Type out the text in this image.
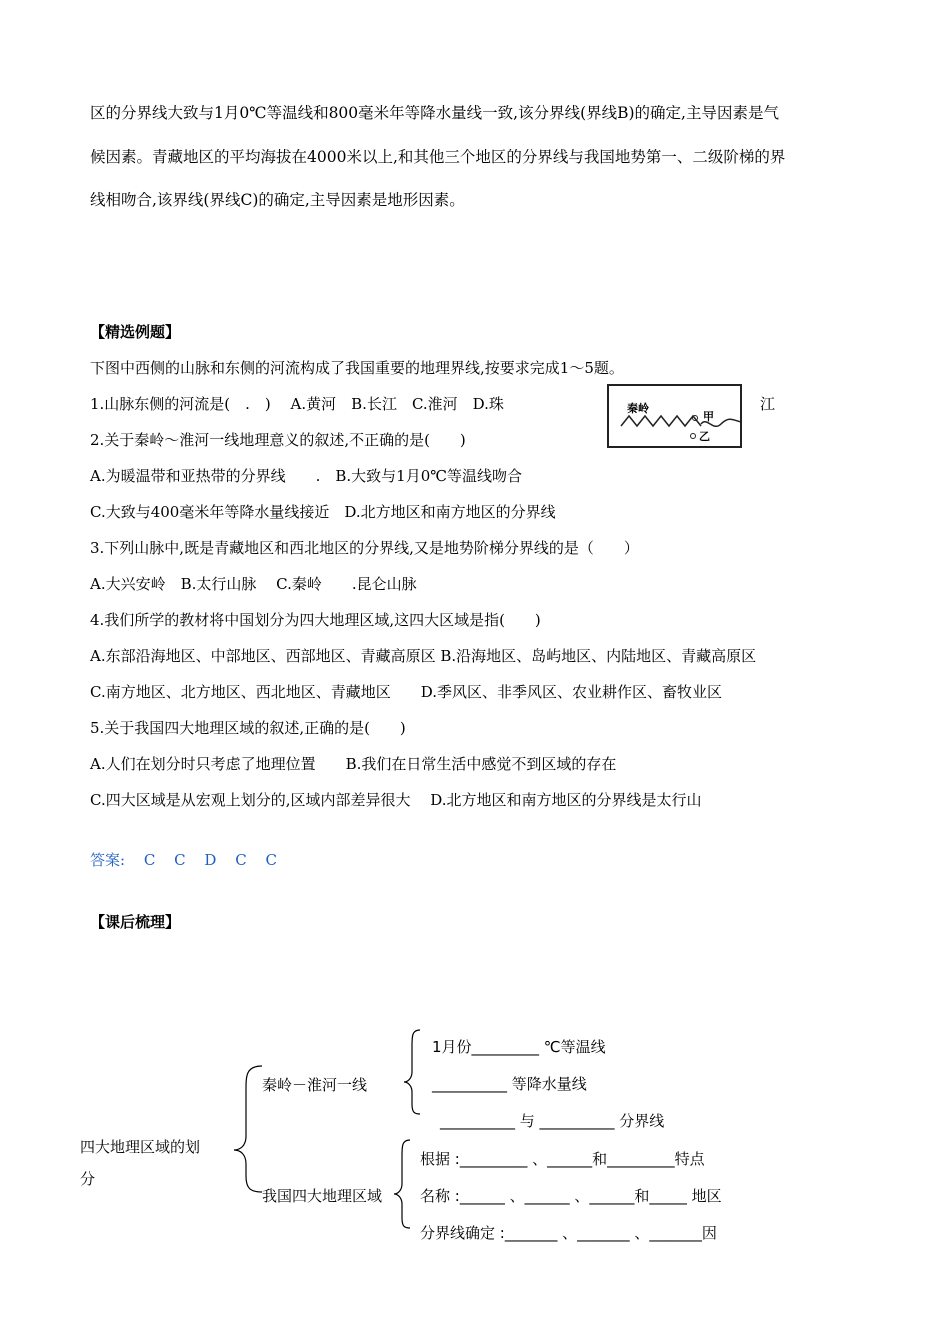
区的分界线大致与1月0℃等温线和800毫米年等降水量线一致,该分界线(界线B)的确定,主导因素是气
候因素。青藏地区的平均海拔在4000米以上,和其他三个地区的分界线与我国地势第一、二级阶梯的界
线相吻合,该界线(界线C)的确定,主导因素是地形因素。
【精选例题】
下图中西侧的山脉和东侧的河流构成了我国重要的地理界线,按要求完成1～5题。
1.山脉东侧的河流是(　.　)　 A.黄河　B.长江　C.淮河　D.珠	江
秦岭
甲
乙
2.关于秦岭～淮河一线地理意义的叙述,不正确的是(　　)
A.为暖温带和亚热带的分界线　　.　B.大致与1月0℃等温线吻合
C.大致与400毫米年等降水量线接近　D.北方地区和南方地区的分界线
3.下列山脉中,既是青藏地区和西北地区的分界线,又是地势阶梯分界线的是（　　）
A.大兴安岭　B.太行山脉　 C.秦岭　　.昆仑山脉
4.我们所学的教材将中国划分为四大地理区域,这四大区域是指(　　)
A.东部沿海地区、中部地区、西部地区、青藏高原区 B.沿海地区、岛屿地区、内陆地区、青藏高原区
C.南方地区、北方地区、西北地区、青藏地区　　D.季风区、非季风区、农业耕作区、畜牧业区
5.关于我国四大地理区域的叙述,正确的是(　　)
A.人们在划分时只考虑了地理位置　　B.我们在日常生活中感觉不到区域的存在
C.四大区域是从宏观上划分的,区域内部差异很大　 D.北方地区和南方地区的分界线是太行山
答案: C C D C C
【课后梳理】
四大地理区域的划
分
秦岭－淮河一线
1月份_________ ℃等温线
__________ 等降水量线
__________ 与 __________ 分界线
我国四大地理区域
根据 :_________ 、______和_________特点
名称 :______ 、______ 、______和_____ 地区
分界线确定 :_______ 、_______ 、_______因
